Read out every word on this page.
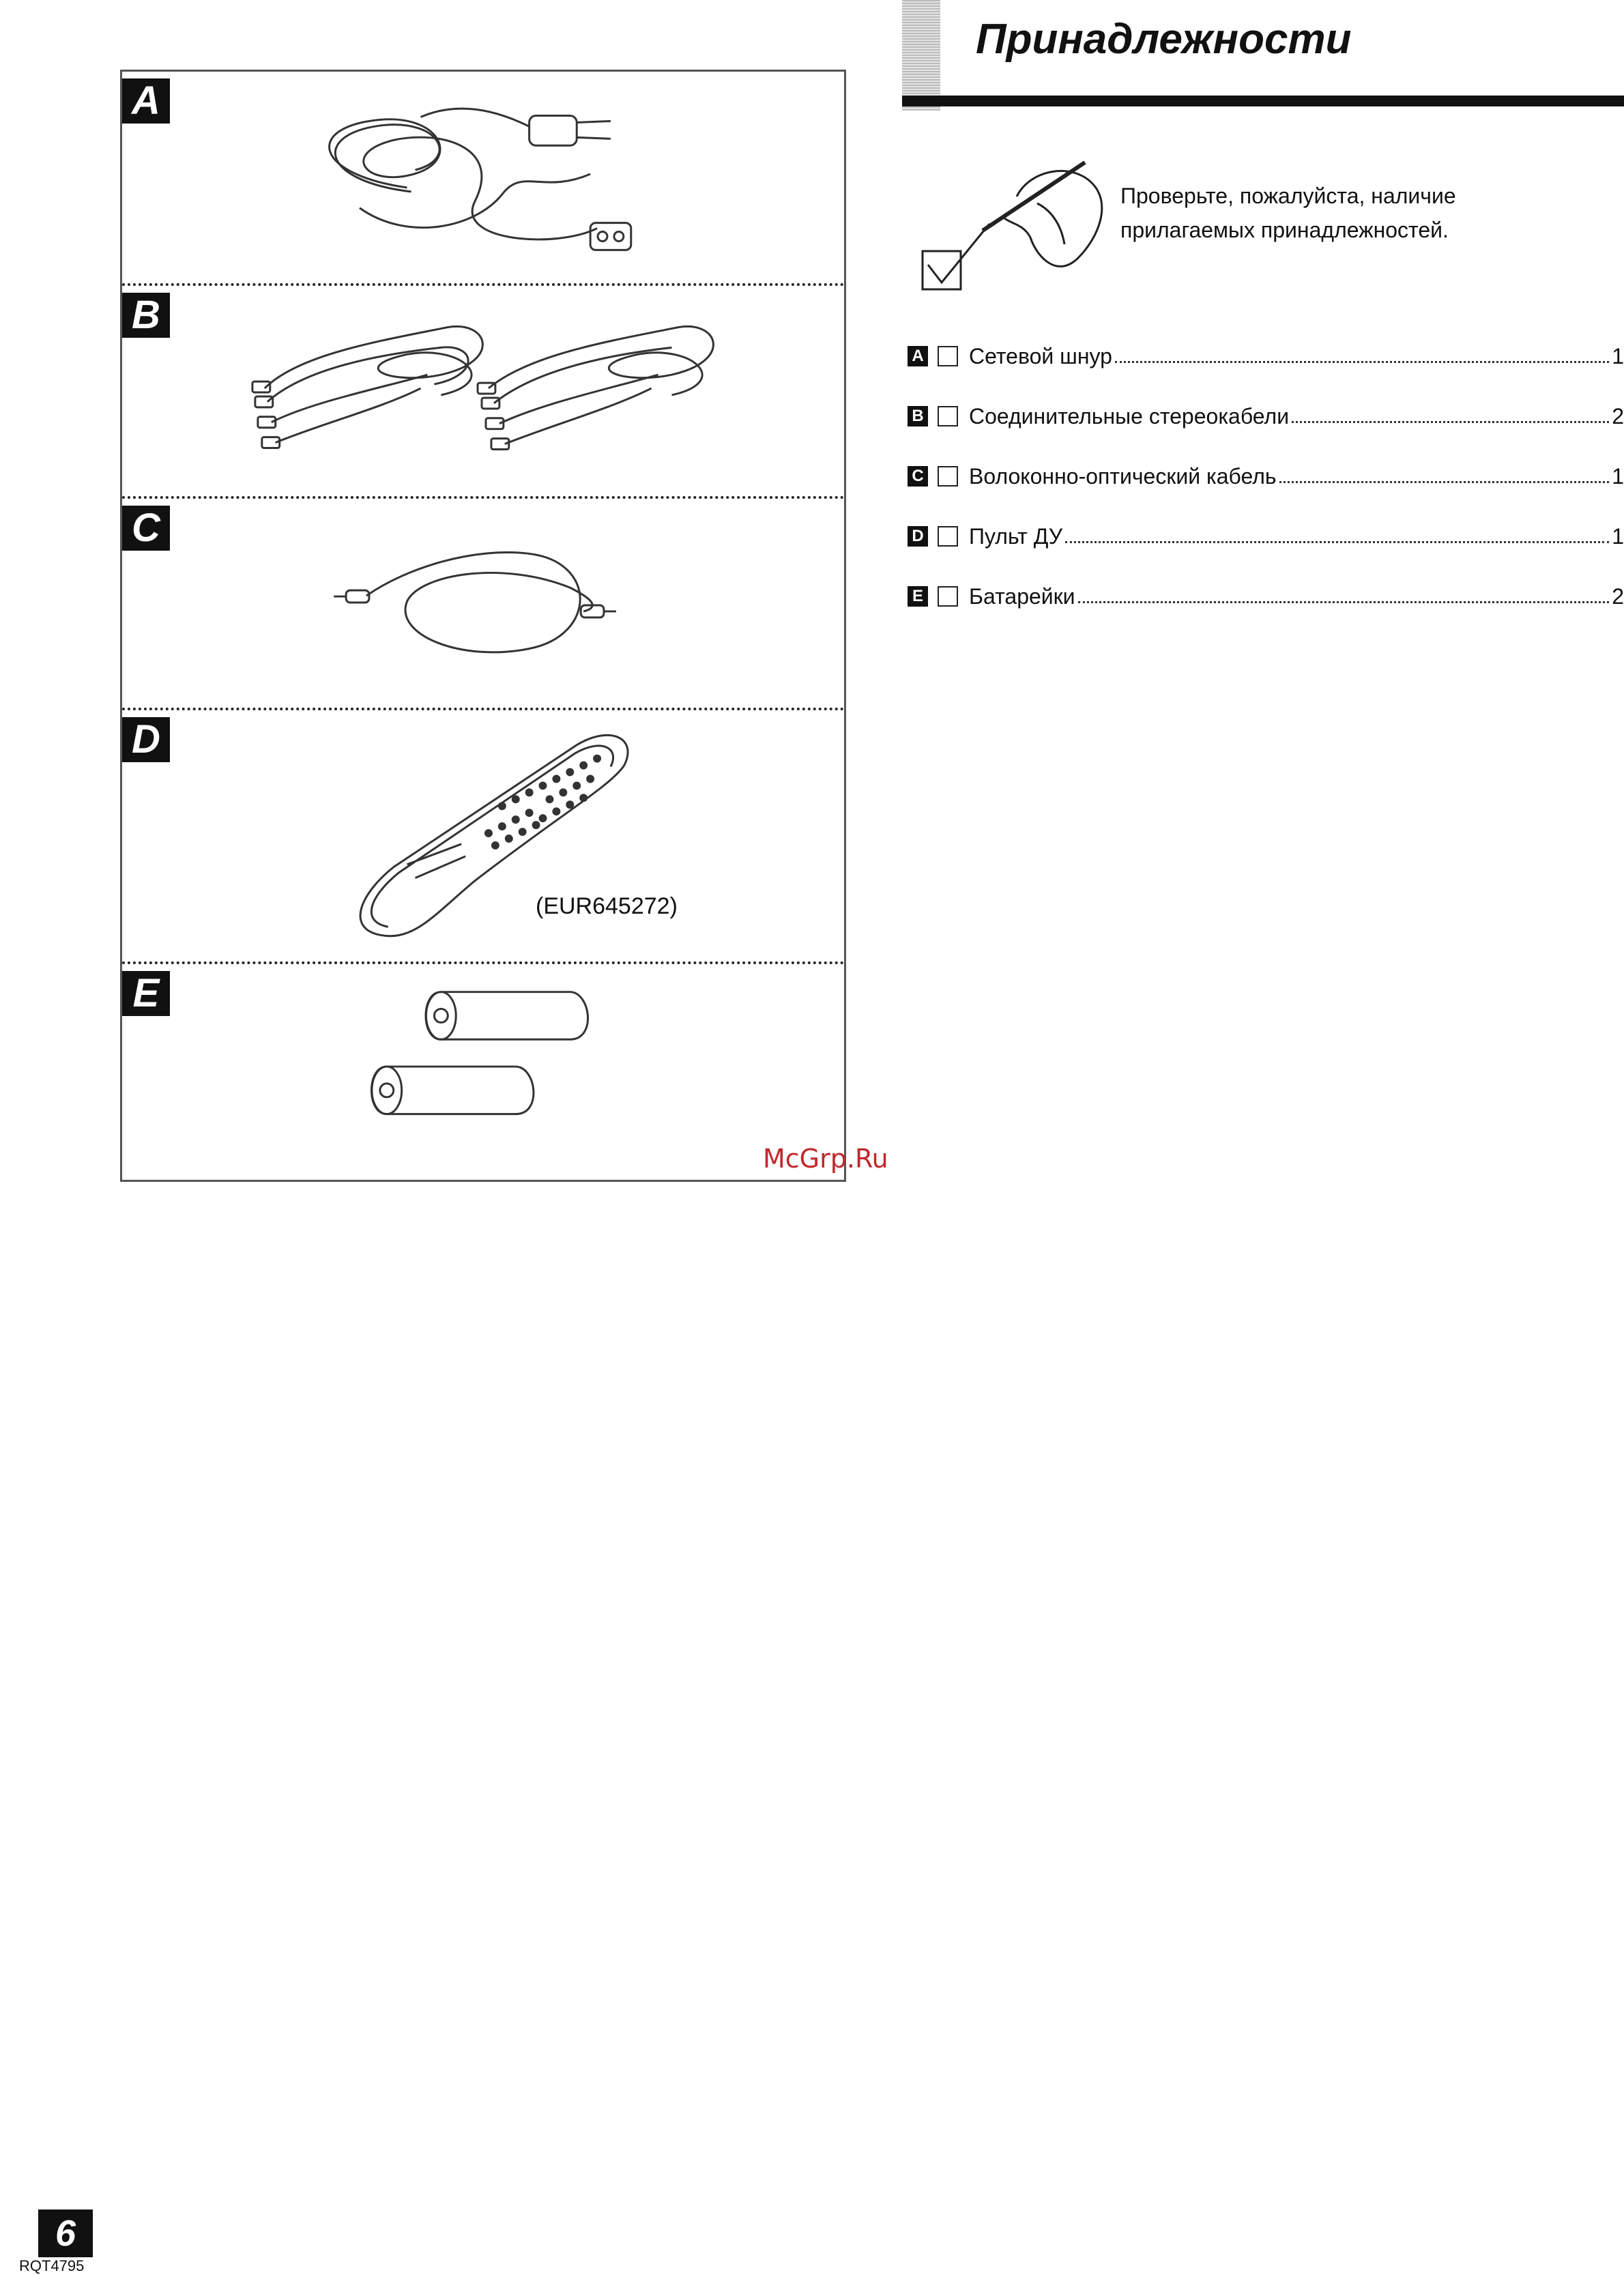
A
B
C
D
(EUR645272)
E
Принадлежности
Проверьте, пожалуйста, наличие
прилагаемых принадлежностей.
A Сетевой шнур	1
B Соединительные стереокабели	2
C Волоконно-оптический кабель	1
D Пульт ДУ	1
E Батарейки	2
McGrp.Ru
6
RQT4795
